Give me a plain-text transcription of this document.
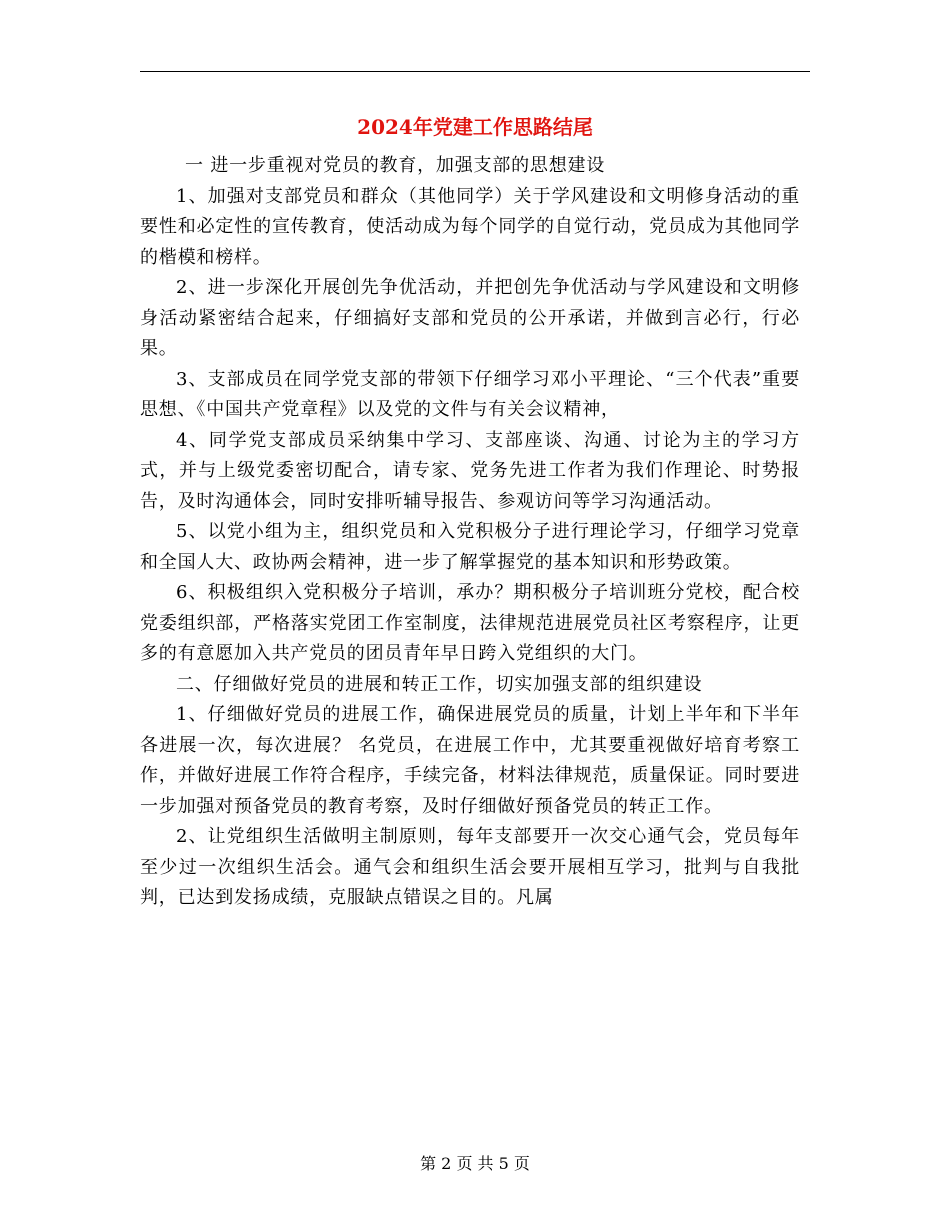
2024年党建工作思路结尾

一 进一步重视对党员的教育，加强支部的思想建设

1、加强对支部党员和群众（其他同学）关于学风建设和文明修身活动的重要性和必定性的宣传教育，使活动成为每个同学的自觉行动，党员成为其他同学的楷模和榜样。

2、进一步深化开展创先争优活动，并把创先争优活动与学风建设和文明修身活动紧密结合起来，仔细搞好支部和党员的公开承诺，并做到言必行，行必果。

3、支部成员在同学党支部的带领下仔细学习邓小平理论、“三个代表”重要思想、《中国共产党章程》以及党的文件与有关会议精神，

4、同学党支部成员采纳集中学习、支部座谈、沟通、讨论为主的学习方式，并与上级党委密切配合，请专家、党务先进工作者为我们作理论、时势报告，及时沟通体会，同时安排听辅导报告、参观访问等学习沟通活动。

5、以党小组为主，组织党员和入党积极分子进行理论学习，仔细学习党章和全国人大、政协两会精神，进一步了解掌握党的基本知识和形势政策。

6、积极组织入党积极分子培训，承办？期积极分子培训班分党校，配合校党委组织部，严格落实党团工作室制度，法律规范进展党员社区考察程序，让更多的有意愿加入共产党员的团员青年早日跨入党组织的大门。

二、仔细做好党员的进展和转正工作，切实加强支部的组织建设

1、仔细做好党员的进展工作，确保进展党员的质量，计划上半年和下半年各进展一次，每次进展？ 名党员，在进展工作中，尤其要重视做好培育考察工作，并做好进展工作符合程序，手续完备，材料法律规范，质量保证。同时要进一步加强对预备党员的教育考察，及时仔细做好预备党员的转正工作。

2、让党组织生活做明主制原则，每年支部要开一次交心通气会，党员每年至少过一次组织生活会。通气会和组织生活会要开展相互学习，批判与自我批判，已达到发扬成绩，克服缺点错误之目的。凡属

第 2 页 共 5 页
